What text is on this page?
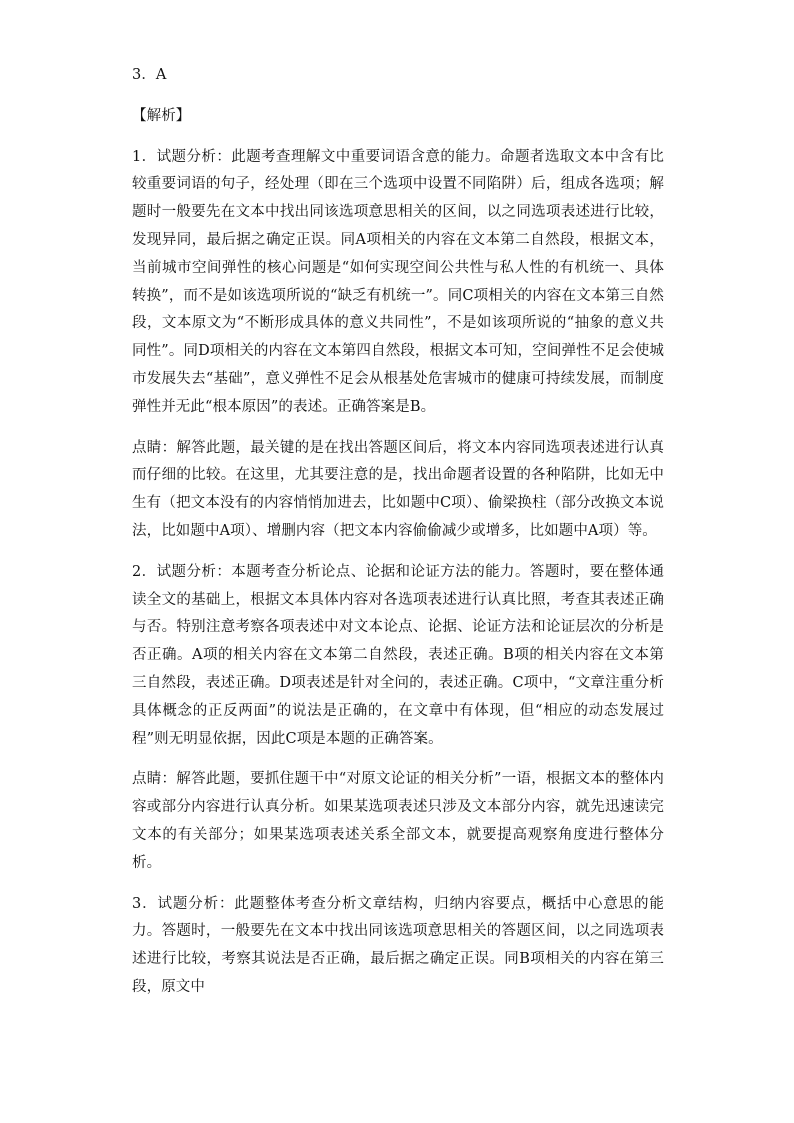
3．A

【解析】

1．试题分析：此题考查理解文中重要词语含意的能力。命题者选取文本中含有比较重要词语的句子，经处理（即在三个选项中设置不同陷阱）后，组成各选项；解题时一般要先在文本中找出同该选项意思相关的区间，以之同选项表述进行比较，发现异同，最后据之确定正误。同A项相关的内容在文本第二自然段，根据文本，当前城市空间弹性的核心问题是“如何实现空间公共性与私人性的有机统一、具体转换”，而不是如该选项所说的“缺乏有机统一”。同C项相关的内容在文本第三自然段，文本原文为“不断形成具体的意义共同性”，不是如该项所说的“抽象的意义共同性”。同D项相关的内容在文本第四自然段，根据文本可知，空间弹性不足会使城市发展失去“基础”，意义弹性不足会从根基处危害城市的健康可持续发展，而制度弹性并无此“根本原因”的表述。正确答案是B。

点睛：解答此题，最关键的是在找出答题区间后，将文本内容同选项表述进行认真而仔细的比较。在这里，尤其要注意的是，找出命题者设置的各种陷阱，比如无中生有（把文本没有的内容悄悄加进去，比如题中C项）、偷梁换柱（部分改换文本说法，比如题中A项）、增删内容（把文本内容偷偷减少或增多，比如题中A项）等。

2．试题分析：本题考查分析论点、论据和论证方法的能力。答题时，要在整体通读全文的基础上，根据文本具体内容对各选项表述进行认真比照，考查其表述正确与否。特别注意考察各项表述中对文本论点、论据、论证方法和论证层次的分析是否正确。A项的相关内容在文本第二自然段，表述正确。B项的相关内容在文本第三自然段，表述正确。D项表述是针对全问的，表述正确。C项中，“文章注重分析具体概念的正反两面”的说法是正确的，在文章中有体现，但“相应的动态发展过程”则无明显依据，因此C项是本题的正确答案。

点睛：解答此题，要抓住题干中“对原文论证的相关分析”一语，根据文本的整体内容或部分内容进行认真分析。如果某选项表述只涉及文本部分内容，就先迅速读完文本的有关部分；如果某选项表述关系全部文本，就要提高观察角度进行整体分析。

3．试题分析：此题整体考查分析文章结构，归纳内容要点，概括中心意思的能力。答题时，一般要先在文本中找出同该选项意思相关的答题区间，以之同选项表述进行比较，考察其说法是否正确，最后据之确定正误。同B项相关的内容在第三段，原文中
